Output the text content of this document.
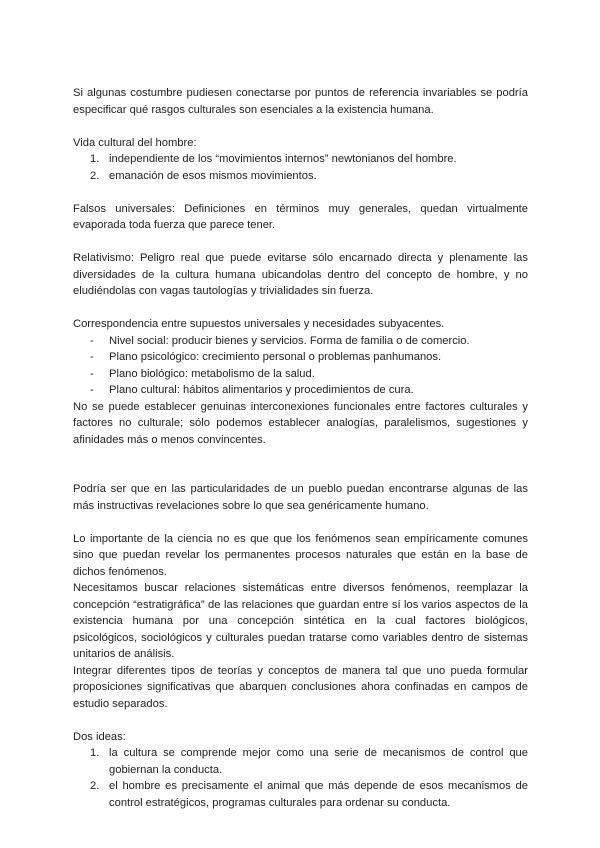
Si algunas costumbre pudiesen conectarse por puntos de referencia invariables se podría especificar qué rasgos culturales son esenciales a la existencia humana.

Vida cultural del hombre:

1. independiente de los “movimientos internos” newtonianos del hombre.
2. emanación de esos mismos movimientos.

Falsos universales: Definiciones en términos muy generales, quedan virtualmente evaporada toda fuerza que parece tener.

Relativismo: Peligro real que puede evitarse sólo encarnado directa y plenamente las diversidades de la cultura humana ubicandolas dentro del concepto de hombre, y no eludiéndolas con vagas tautologías y trivialidades sin fuerza.

Correspondencia entre supuestos universales y necesidades subyacentes.

-	Nivel social: producir bienes y servicios. Forma de familia o de comercio.
-	Plano psicológico: crecimiento personal o problemas panhumanos.
-	Plano biológico: metabolismo de la salud.
-	Plano cultural: hábitos alimentarios y procedimientos de cura.

No se puede establecer genuinas interconexiones funcionales entre factores culturales y factores no culturale; sólo podemos establecer analogías, paralelismos, sugestiones y afinidades más o menos convincentes.

Podría ser que en las particularidades de un pueblo puedan encontrarse algunas de las más instructivas revelaciones sobre lo que sea genéricamente humano.

Lo importante de la ciencia no es que que los fenómenos sean empíricamente comunes sino que puedan revelar los permanentes procesos naturales que están en la base de dichos fenómenos.

Necesitamos buscar relaciones sistemáticas entre diversos fenómenos, reemplazar la concepción “estratigráfica” de las relaciones que guardan entre sí los varios aspectos de la existencia humana por una concepción sintética en la cual factores biológicos, psicológicos, sociológicos y culturales puedan tratarse como variables dentro de sistemas unitarios de análisis.

Integrar diferentes tipos de teorías y conceptos de manera tal que uno pueda formular proposiciones significativas que abarquen conclusiones ahora confinadas en campos de estudio separados.

Dos ideas:

1. la cultura se comprende mejor como una serie de mecanismos de control que gobiernan la conducta.
2. el hombre es precisamente el animal que más depende de esos mecanismos de control estratégicos, programas culturales para ordenar su conducta.
